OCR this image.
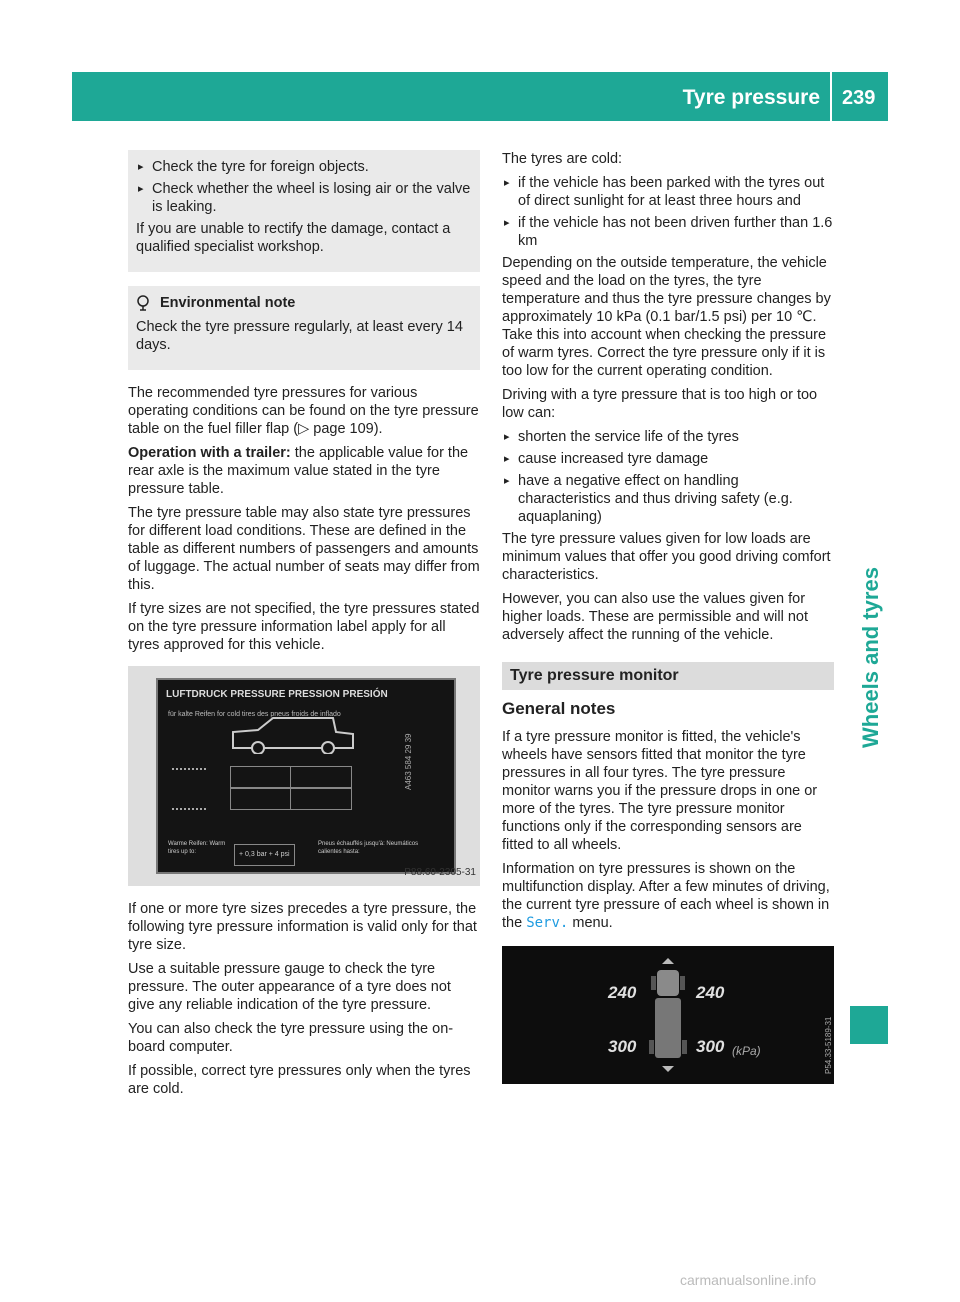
Tyre pressure 239
Wheels and tyres
▸ Check the tyre for foreign objects.
▸ Check whether the wheel is losing air or the valve is leaking.

If you are unable to rectify the damage, contact a qualified specialist workshop.

Environmental note

Check the tyre pressure regularly, at least every 14 days.

The recommended tyre pressures for various operating conditions can be found on the tyre pressure table on the fuel filler flap (▷ page 109).

Operation with a trailer: the applicable value for the rear axle is the maximum value stated in the tyre pressure table.

The tyre pressure table may also state tyre pressures for different load conditions. These are defined in the table as different numbers of passengers and amounts of luggage. The actual number of seats may differ from this.

If tyre sizes are not specified, the tyre pressures stated on the tyre pressure information label apply for all tyres approved for this vehicle.

LUFTDRUCK PRESSURE PRESSION PRESIÓN
für kalte Reifen for cold tires des pneus froids de inflado
Warme Reifen: Warm tires up to:	+ 0,3 bar + 4 psi
Pneus échauffés jusqu'à: Neumáticos calientes hasta:
A463 584 29 39
P88.60-2305-31

If one or more tyre sizes precedes a tyre pressure, the following tyre pressure information is valid only for that tyre size.

Use a suitable pressure gauge to check the tyre pressure. The outer appearance of a tyre does not give any reliable indication of the tyre pressure.

You can also check the tyre pressure using the on-board computer.

If possible, correct tyre pressures only when the tyres are cold.

The tyres are cold:

▸ if the vehicle has been parked with the tyres out of direct sunlight for at least three hours and
▸ if the vehicle has not been driven further than 1.6 km

Depending on the outside temperature, the vehicle speed and the load on the tyres, the tyre temperature and thus the tyre pressure changes by approximately 10 kPa (0.1 bar/1.5 psi) per 10 ℃. Take this into account when checking the pressure of warm tyres. Correct the tyre pressure only if it is too low for the current operating condition.

Driving with a tyre pressure that is too high or too low can:

▸ shorten the service life of the tyres
▸ cause increased tyre damage
▸ have a negative effect on handling characteristics and thus driving safety (e.g. aquaplaning)

The tyre pressure values given for low loads are minimum values that offer you good driving comfort characteristics.

However, you can also use the values given for higher loads. These are permissible and will not adversely affect the running of the vehicle.

Tyre pressure monitor
General notes

If a tyre pressure monitor is fitted, the vehicle's wheels have sensors fitted that monitor the tyre pressures in all four tyres. The tyre pressure monitor warns you if the pressure drops in one or more of the tyres. The tyre pressure monitor functions only if the corresponding sensors are fitted to all wheels.

Information on tyre pressures is shown on the multifunction display. After a few minutes of driving, the current tyre pressure of each wheel is shown in the Serv. menu.

240	240
300	300 (kPa)	P54.33-5189-31
carmanualsonline.info
